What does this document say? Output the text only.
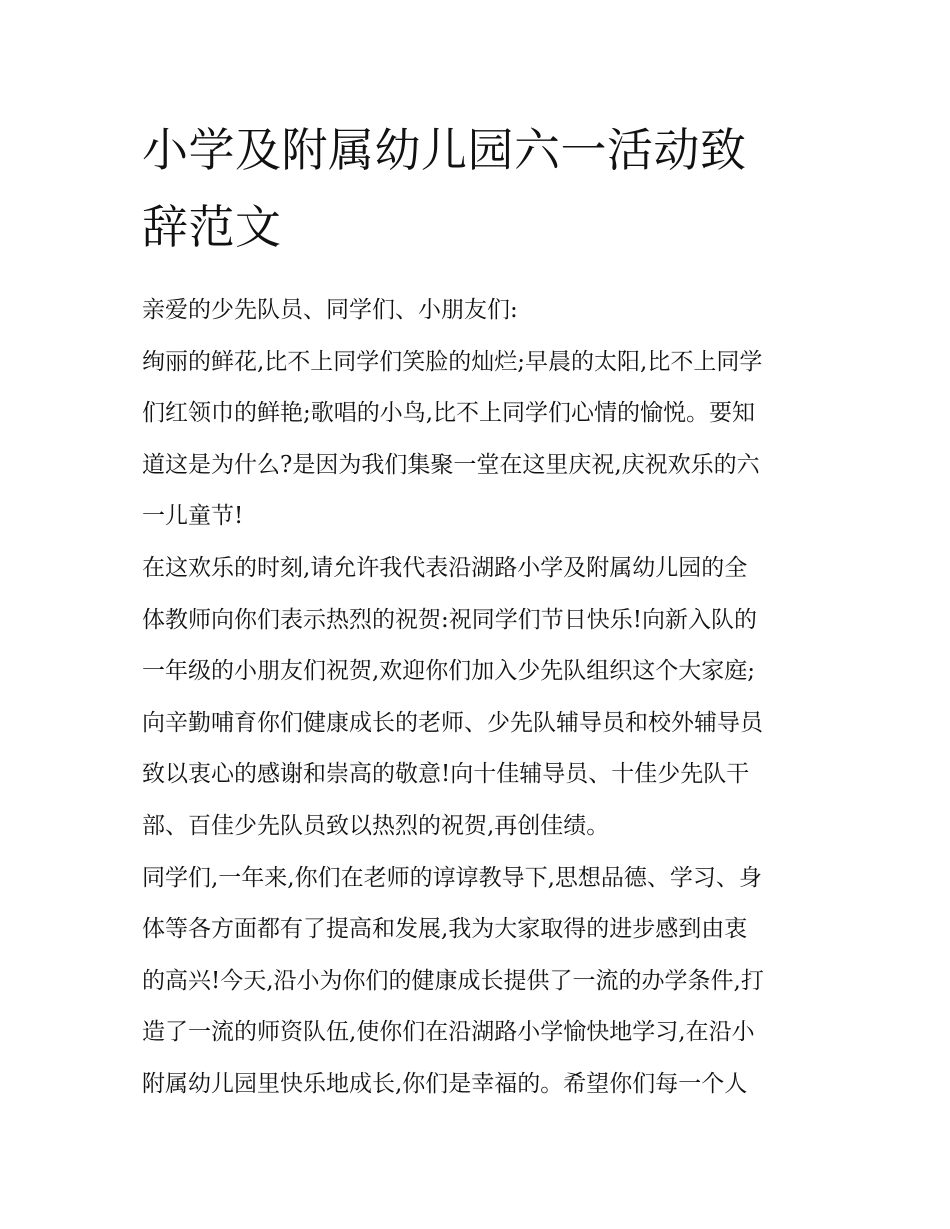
小学及附属幼儿园六一活动致
辞范文
亲爱的少先队员、同学们、小朋友们:
绚丽的鲜花,比不上同学们笑脸的灿烂;早晨的太阳,比不上同学
们红领巾的鲜艳;歌唱的小鸟,比不上同学们心情的愉悦。要知
道这是为什么?是因为我们集聚一堂在这里庆祝,庆祝欢乐的六
一儿童节!
在这欢乐的时刻,请允许我代表沿湖路小学及附属幼儿园的全
体教师向你们表示热烈的祝贺:祝同学们节日快乐!向新入队的
一年级的小朋友们祝贺,欢迎你们加入少先队组织这个大家庭;
向辛勤哺育你们健康成长的老师、少先队辅导员和校外辅导员
致以衷心的感谢和崇高的敬意!向十佳辅导员、十佳少先队干
部、百佳少先队员致以热烈的祝贺,再创佳绩。
同学们,一年来,你们在老师的谆谆教导下,思想品德、学习、身
体等各方面都有了提高和发展,我为大家取得的进步感到由衷
的高兴!今天,沿小为你们的健康成长提供了一流的办学条件,打
造了一流的师资队伍,使你们在沿湖路小学愉快地学习,在沿小
附属幼儿园里快乐地成长,你们是幸福的。希望你们每一个人
